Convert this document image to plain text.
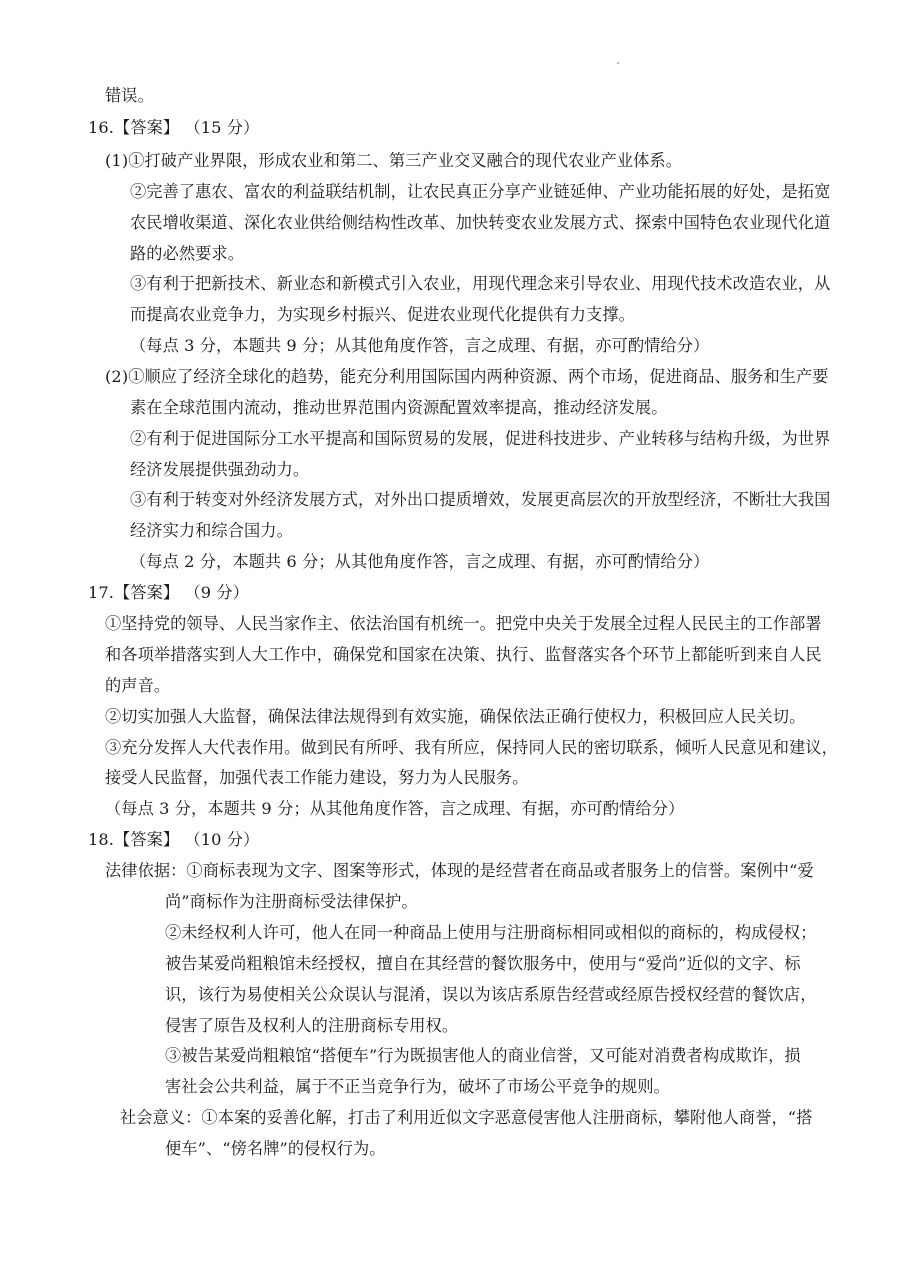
错误。
16.【答案】 （15 分）
(1)①打破产业界限，形成农业和第二、第三产业交叉融合的现代农业产业体系。
②完善了惠农、富农的利益联结机制，让农民真正分享产业链延伸、产业功能拓展的好处，是拓宽
农民增收渠道、深化农业供给侧结构性改革、加快转变农业发展方式、探索中国特色农业现代化道
路的必然要求。
③有利于把新技术、新业态和新模式引入农业，用现代理念来引导农业、用现代技术改造农业，从
而提高农业竞争力，为实现乡村振兴、促进农业现代化提供有力支撑。
（每点 3 分，本题共 9 分；从其他角度作答，言之成理、有据，亦可酌情给分）
(2)①顺应了经济全球化的趋势，能充分利用国际国内两种资源、两个市场，促进商品、服务和生产要
素在全球范围内流动，推动世界范围内资源配置效率提高，推动经济发展。
②有利于促进国际分工水平提高和国际贸易的发展，促进科技进步、产业转移与结构升级，为世界
经济发展提供强劲动力。
③有利于转变对外经济发展方式，对外出口提质增效，发展更高层次的开放型经济，不断壮大我国
经济实力和综合国力。
（每点 2 分，本题共 6 分；从其他角度作答，言之成理、有据，亦可酌情给分）
17.【答案】 （9 分）
①坚持党的领导、人民当家作主、依法治国有机统一。把党中央关于发展全过程人民民主的工作部署
和各项举措落实到人大工作中，确保党和国家在决策、执行、监督落实各个环节上都能听到来自人民
的声音。
②切实加强人大监督，确保法律法规得到有效实施，确保依法正确行使权力，积极回应人民关切。
③充分发挥人大代表作用。做到民有所呼、我有所应，保持同人民的密切联系，倾听人民意见和建议，
接受人民监督，加强代表工作能力建设，努力为人民服务。
（每点 3 分，本题共 9 分；从其他角度作答，言之成理、有据，亦可酌情给分）
18.【答案】 （10 分）
法律依据：①商标表现为文字、图案等形式，体现的是经营者在商品或者服务上的信誉。案例中“爱
尚”商标作为注册商标受法律保护。
②未经权利人许可，他人在同一种商品上使用与注册商标相同或相似的商标的，构成侵权；
被告某爱尚粗粮馆未经授权，擅自在其经营的餐饮服务中，使用与“爱尚”近似的文字、标
识，该行为易使相关公众误认与混淆，误以为该店系原告经营或经原告授权经营的餐饮店，
侵害了原告及权利人的注册商标专用权。
③被告某爱尚粗粮馆“搭便车”行为既损害他人的商业信誉，又可能对消费者构成欺诈，损
害社会公共利益，属于不正当竞争行为，破坏了市场公平竞争的规则。
社会意义：①本案的妥善化解，打击了利用近似文字恶意侵害他人注册商标，攀附他人商誉，“搭
便车”、“傍名牌”的侵权行为。
